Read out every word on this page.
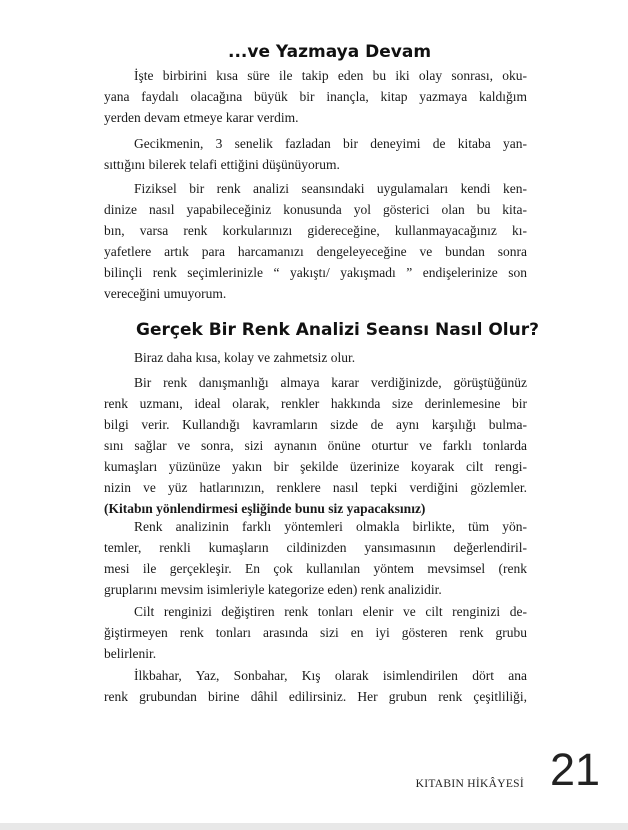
...ve Yazmaya Devam
İşte birbirini kısa süre ile takip eden bu iki olay sonrası, oku-
yana faydalı olacağına büyük bir inançla, kitap yazmaya kaldığım
yerden devam etmeye karar verdim.
Gecikmenin, 3 senelik fazladan bir deneyimi de kitaba yan-
sıttığını bilerek telafi ettiğini düşünüyorum.
Fiziksel bir renk analizi seansındaki uygulamaları kendi ken-
dinize nasıl yapabileceğiniz konusunda yol gösterici olan bu kita-
bın, varsa renk korkularınızı gidereceğine, kullanmayacağınız kı-
yafetlere artık para harcamanızı dengeleyeceğine ve bundan sonra
bilinçli renk seçimlerinizle “ yakıştı/ yakışmadı ” endişelerinize son
vereceğini umuyorum.
Gerçek Bir Renk Analizi Seansı Nasıl Olur?
Biraz daha kısa, kolay ve zahmetsiz olur.
Bir renk danışmanlığı almaya karar verdiğinizde, görüştüğünüz
renk uzmanı, ideal olarak, renkler hakkında size derinlemesine bir
bilgi verir. Kullandığı kavramların sizde de aynı karşılığı bulma-
sını sağlar ve sonra, sizi aynanın önüne oturtur ve farklı tonlarda
kumaşları yüzünüze yakın bir şekilde üzerinize koyarak cilt rengi-
nizin ve yüz hatlarınızın, renklere nasıl tepki verdiğini gözlemler.
(Kitabın yönlendirmesi eşliğinde bunu siz yapacaksınız)
Renk analizinin farklı yöntemleri olmakla birlikte, tüm yön-
temler, renkli kumaşların cildinizden yansımasının değerlendiril-
mesi ile gerçekleşir. En çok kullanılan yöntem mevsimsel (renk
gruplarını mevsim isimleriyle kategorize eden) renk analizidir.
Cilt renginizi değiştiren renk tonları elenir ve cilt renginizi de-
ğiştirmeyen renk tonları arasında sizi en iyi gösteren renk grubu
belirlenir.
İlkbahar, Yaz, Sonbahar, Kış olarak isimlendirilen dört ana
renk grubundan birine dâhil edilirsiniz. Her grubun renk çeşitliliği,
KITABIN HİKÂYESİ 21
